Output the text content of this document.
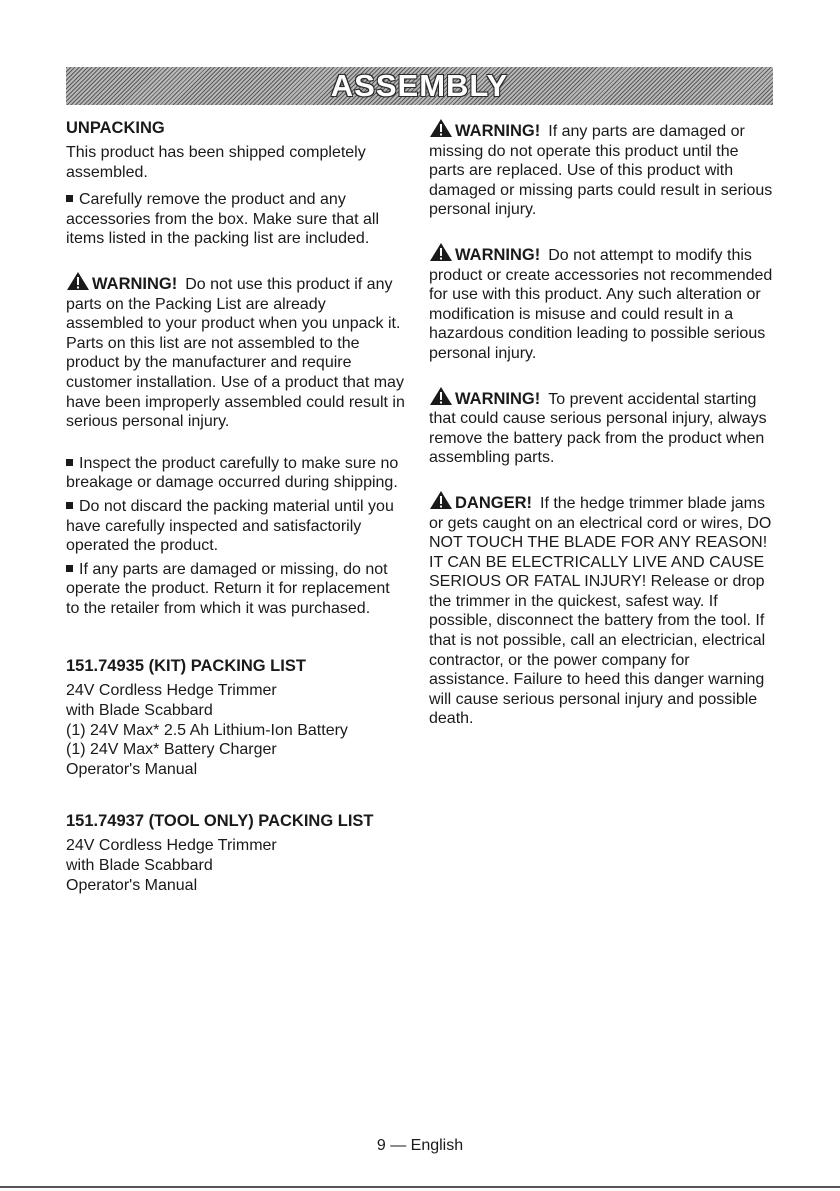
ASSEMBLY
UNPACKING

This product has been shipped completely assembled.

Carefully remove the product and any accessories from the box. Make sure that all items listed in the packing list are included.

WARNING! Do not use this product if any parts on the Packing List are already assembled to your product when you unpack it. Parts on this list are not assembled to the product by the manufacturer and require customer installation. Use of a product that may have been improperly assembled could result in serious personal injury.

Inspect the product carefully to make sure no breakage or damage occurred during shipping.

Do not discard the packing material until you have carefully inspected and satisfactorily operated the product.

If any parts are damaged or missing, do not operate the product. Return it for replacement to the retailer from which it was purchased.

151.74935 (KIT) PACKING LIST

24V Cordless Hedge Trimmer

with Blade Scabbard

(1) 24V Max* 2.5 Ah Lithium-Ion Battery

(1) 24V Max* Battery Charger

Operator's Manual

151.74937 (TOOL ONLY) PACKING LIST

24V Cordless Hedge Trimmer

with Blade Scabbard

Operator's Manual

WARNING! If any parts are damaged or missing do not operate this product until the parts are replaced. Use of this product with damaged or missing parts could result in serious personal injury.

WARNING! Do not attempt to modify this product or create accessories not recommended for use with this product. Any such alteration or modification is misuse and could result in a hazardous condition leading to possible serious personal injury.

WARNING! To prevent accidental starting that could cause serious personal injury, always remove the battery pack from the product when assembling parts.

DANGER! If the hedge trimmer blade jams or gets caught on an electrical cord or wires, DO NOT TOUCH THE BLADE FOR ANY REASON! IT CAN BE ELECTRICALLY LIVE AND CAUSE SERIOUS OR FATAL INJURY! Release or drop the trimmer in the quickest, safest way. If possible, disconnect the battery from the tool. If that is not possible, call an electrician, electrical contractor, or the power company for assistance. Failure to heed this danger warning will cause serious personal injury and possible death.

9 — English
